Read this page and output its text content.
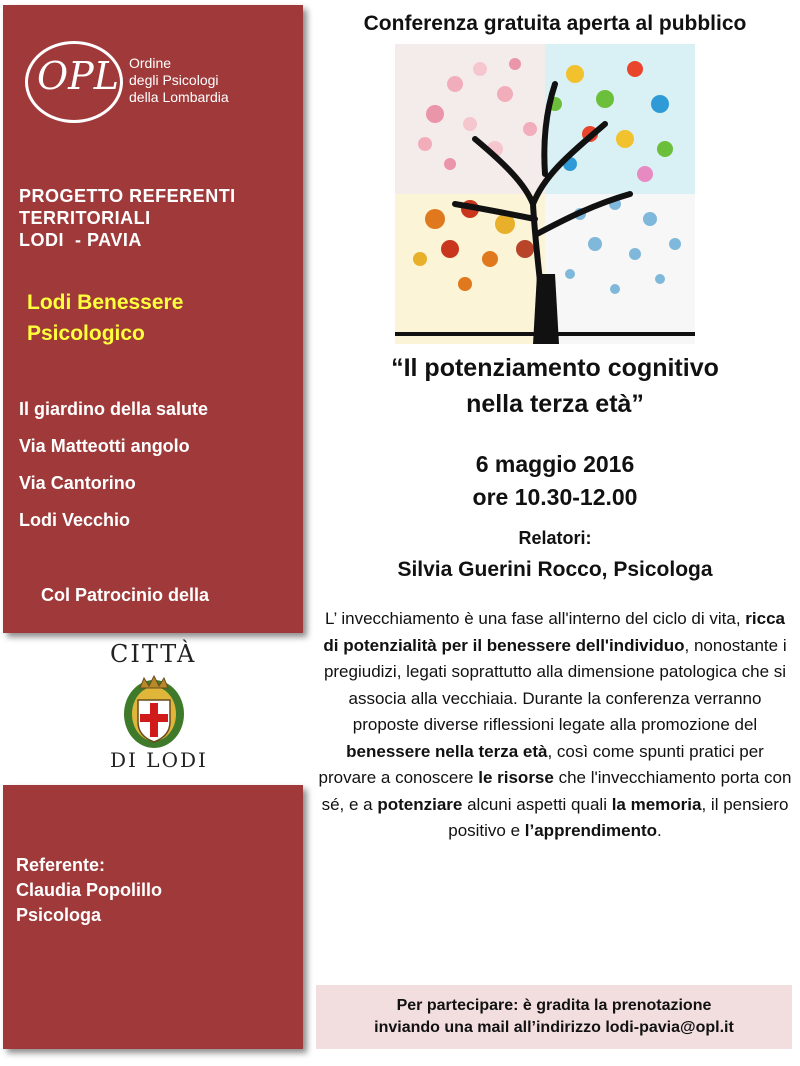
OPL Ordine
degli Psicologi
della Lombardia
PROGETTO REFERENTI
TERRITORIALI
LODI  - PAVIA
Lodi Benessere
Psicologico
Il giardino della salute
Via Matteotti angolo
Via Cantorino
Lodi Vecchio
Col Patrocinio della
CITTÀ
DI LODI
Referente:
Claudia Popolillo
Psicologa
Conferenza gratuita aperta al pubblico
“Il potenziamento cognitivo
nella terza età”
6 maggio 2016
ore 10.30-12.00
Relatori:
Silvia Guerini Rocco, Psicologa
L’ invecchiamento è una fase all'interno del ciclo di vita, ricca di potenzialità per il benessere dell'individuo, nonostante i pregiudizi, legati soprattutto alla dimensione patologica che si associa alla vecchiaia. Durante la conferenza verranno proposte diverse riflessioni legate alla promozione del benessere nella terza età, così come spunti pratici per provare a conoscere le risorse che l'invecchiamento porta con sé, e a potenziare alcuni aspetti quali la memoria, il pensiero positivo e l’apprendimento.
Per partecipare: è gradita la prenotazione
inviando una mail all’indirizzo lodi-pavia@opl.it
